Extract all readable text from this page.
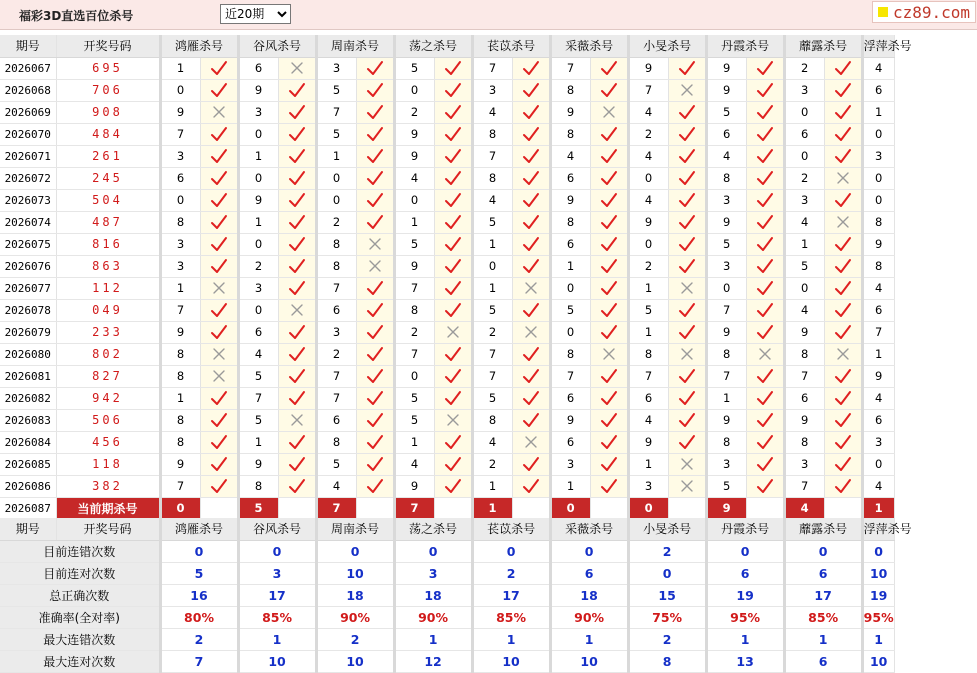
福彩3D直选百位杀号
近20期	cz89.com
期号	开奖号码	鸿雁杀号		谷风杀号		周南杀号		荡之杀号		苌苡杀号		采薇杀号		小旻杀号		丹霞杀号		蘼露杀号		浮萍杀号	
2026067	695	1		6		3		5		7		7		9		9		2		4	

2026068	706	0		9		5		0		3		8		7		9		3		6	

2026069	908	9		3		7		2		4		9		4		5		0		1	

2026070	484	7		0		5		9		8		8		2		6		6		0	

2026071	261	3		1		1		9		7		4		4		4		0		3	

2026072	245	6		0		0		4		8		6		0		8		2		0	

2026073	504	0		9		0		0		4		9		4		3		3		0	

2026074	487	8		1		2		1		5		8		9		9		4		8	

2026075	816	3		0		8		5		1		6		0		5		1		9	

2026076	863	3		2		8		9		0		1		2		3		5		8	

2026077	112	1		3		7		7		1		0		1		0		0		4	

2026078	049	7		0		6		8		5		5		5		7		4		6	

2026079	233	9		6		3		2		2		0		1		9		9		7	

2026080	802	8		4		2		7		7		8		8		8		8		1	

2026081	827	8		5		7		0		7		7		7		7		7		9	

2026082	942	1		7		7		5		5		6		6		1		6		4	

2026083	506	8		5		6		5		8		9		4		9		9		6	

2026084	456	8		1		8		1		4		6		9		8		8		3	

2026085	118	9		9		5		4		2		3		1		3		3		0	

2026086	382	7		8		4		9		1		1		3		5		7		4	

2026087	当前期杀号	0		5		7		7		1		0		0		9		4		1		
期号	开奖号码	鸿雁杀号	谷风杀号	周南杀号	荡之杀号	苌苡杀号	采薇杀号	小旻杀号	丹霞杀号	蘼露杀号	浮萍杀号	
目前连错次数		0	0	0	0	0	0	2	0	0	0	
目前连对次数		5	3	10	3	2	6	0	6	6	10	
总正确次数		16	17	18	18	17	18	15	19	17	19	
准确率(全对率)		80%	85%	90%	90%	85%	90%	75%	95%	85%	95%	
最大连错次数		2	1	2	1	1	1	2	1	1	1	
最大连对次数		7	10	10	12	10	10	8	13	6	10	
